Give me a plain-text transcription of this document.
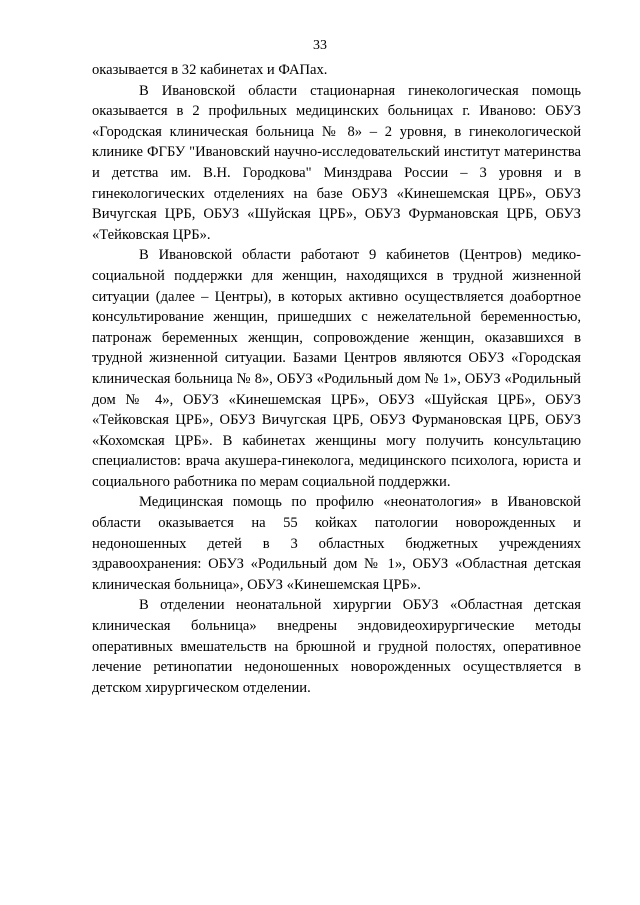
33

оказывается в 32 кабинетах и ФАПах.

В Ивановской области стационарная гинекологическая помощь оказывается в 2 профильных медицинских больницах г. Иваново: ОБУЗ «Городская клиническая больница № 8» – 2 уровня, в гинекологической клинике ФГБУ "Ивановский научно-исследовательский институт материнства и детства им. В.Н. Городкова" Минздрава России – 3 уровня и в гинекологических отделениях на базе ОБУЗ «Кинешемская ЦРБ», ОБУЗ Вичугская ЦРБ, ОБУЗ «Шуйская ЦРБ», ОБУЗ Фурмановская ЦРБ, ОБУЗ «Тейковская ЦРБ».

В Ивановской области работают 9 кабинетов (Центров) медико-социальной поддержки для женщин, находящихся в трудной жизненной ситуации (далее – Центры), в которых активно осуществляется доабортное консультирование женщин, пришедших с нежелательной беременностью, патронаж беременных женщин, сопровождение женщин, оказавшихся в трудной жизненной ситуации. Базами Центров являются ОБУЗ «Городская клиническая больница № 8», ОБУЗ «Родильный дом № 1», ОБУЗ «Родильный дом № 4», ОБУЗ «Кинешемская ЦРБ», ОБУЗ «Шуйская ЦРБ», ОБУЗ «Тейковская ЦРБ», ОБУЗ Вичугская ЦРБ, ОБУЗ Фурмановская ЦРБ, ОБУЗ «Кохомская ЦРБ». В кабинетах женщины могу получить консультацию специалистов: врача акушера-гинеколога, медицинского психолога, юриста и социального работника по мерам социальной поддержки.

Медицинская помощь по профилю «неонатология» в Ивановской области оказывается на 55 койках патологии новорожденных и недоношенных детей в 3 областных бюджетных учреждениях здравоохранения: ОБУЗ «Родильный дом № 1», ОБУЗ «Областная детская клиническая больница», ОБУЗ «Кинешемская ЦРБ».

В отделении неонатальной хирургии ОБУЗ «Областная детская клиническая больница» внедрены эндовидеохирургические методы оперативных вмешательств на брюшной и грудной полостях, оперативное лечение ретинопатии недоношенных новорожденных осуществляется в детском хирургическом отделении.
